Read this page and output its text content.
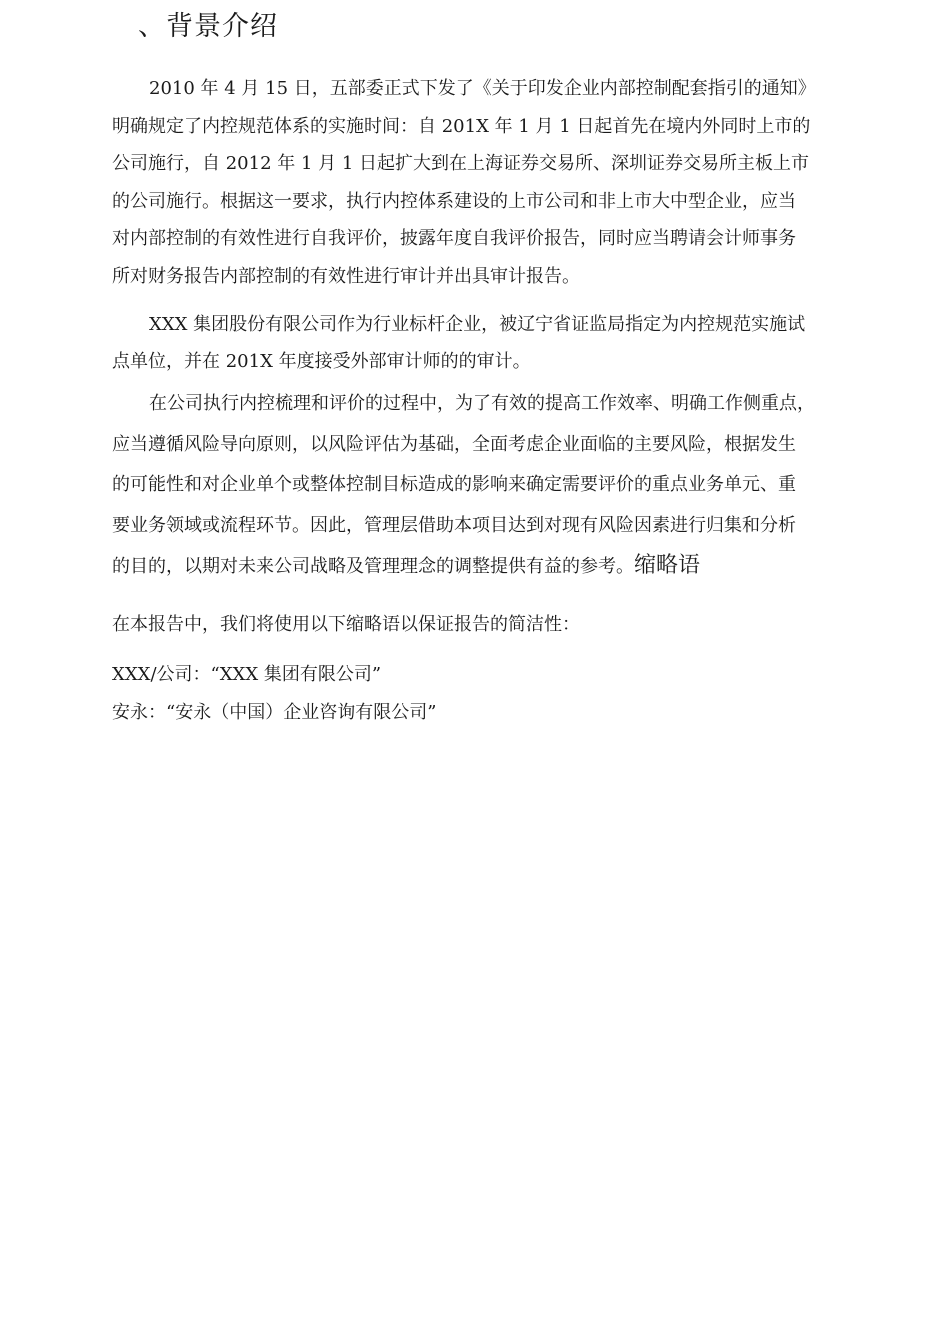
、背景介绍

2010 年 4 月 15 日，五部委正式下发了《关于印发企业内部控制配套指引的通知》
明确规定了内控规范体系的实施时间：自 201X 年 1 月 1 日起首先在境内外同时上市的
公司施行，自 2012 年 1 月 1 日起扩大到在上海证券交易所、深圳证券交易所主板上市
的公司施行。根据这一要求，执行内控体系建设的上市公司和非上市大中型企业，应当
对内部控制的有效性进行自我评价，披露年度自我评价报告，同时应当聘请会计师事务
所对财务报告内部控制的有效性进行审计并出具审计报告。

XXX 集团股份有限公司作为行业标杆企业，被辽宁省证监局指定为内控规范实施试
点单位，并在 201X 年度接受外部审计师的的审计。

在公司执行内控梳理和评价的过程中，为了有效的提高工作效率、明确工作侧重点，
应当遵循风险导向原则，以风险评估为基础，全面考虑企业面临的主要风险，根据发生
的可能性和对企业单个或整体控制目标造成的影响来确定需要评价的重点业务单元、重
要业务领域或流程环节。因此，管理层借助本项目达到对现有风险因素进行归集和分析
的目的，以期对未来公司战略及管理理念的调整提供有益的参考。缩略语

在本报告中，我们将使用以下缩略语以保证报告的简洁性：

XXX/公司：“XXX 集团有限公司”

安永：“安永（中国）企业咨询有限公司”
